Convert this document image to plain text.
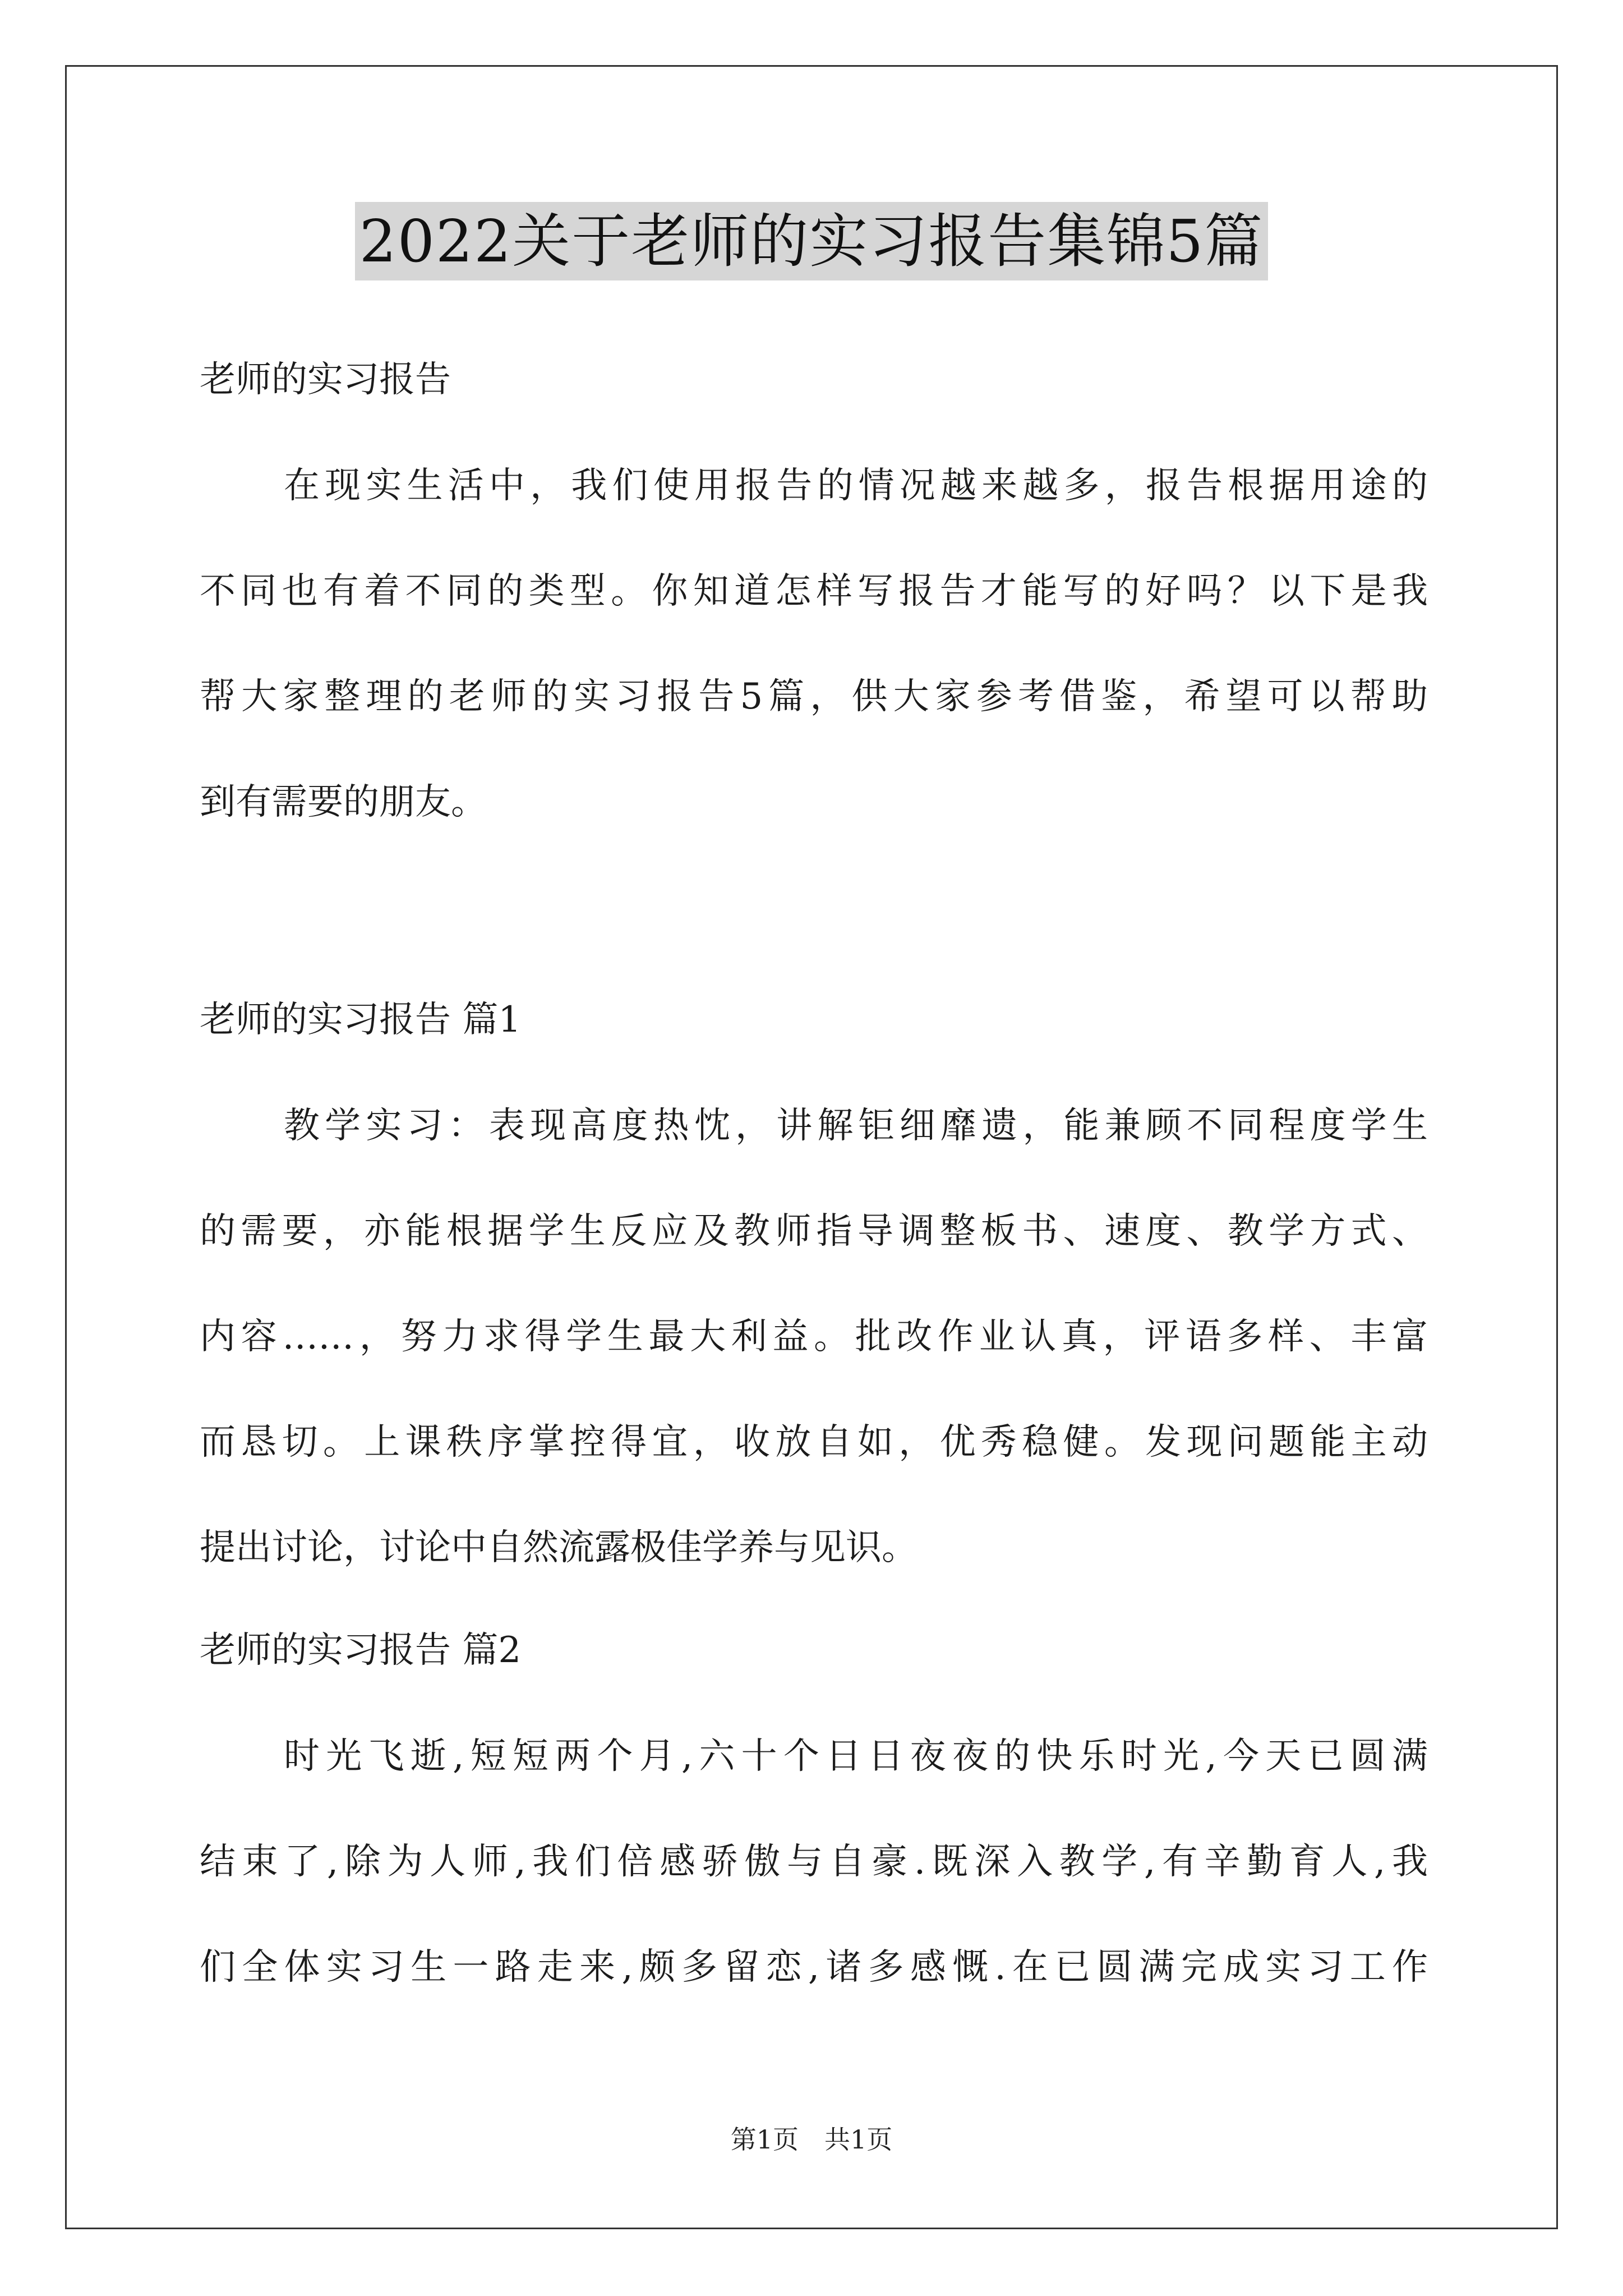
2022关于老师的实习报告集锦5篇
老师的实习报告
在现实生活中，我们使用报告的情况越来越多，报告根据用途的
不同也有着不同的类型。你知道怎样写报告才能写的好吗？以下是我
帮大家整理的老师的实习报告5篇，供大家参考借鉴，希望可以帮助
到有需要的朋友。
老师的实习报告 篇1
教学实习：表现高度热忱，讲解钜细靡遗，能兼顾不同程度学生
的需要，亦能根据学生反应及教师指导调整板书、速度、教学方式、
内容……，努力求得学生最大利益。批改作业认真，评语多样、丰富
而恳切。上课秩序掌控得宜，收放自如，优秀稳健。发现问题能主动
提出讨论，讨论中自然流露极佳学养与见识。
老师的实习报告 篇2
时光飞逝,短短两个月,六十个日日夜夜的快乐时光,今天已圆满
结束了,除为人师,我们倍感骄傲与自豪.既深入教学,有辛勤育人,我
们全体实习生一路走来,颇多留恋,诸多感慨.在已圆满完成实习工作
第1页　共1页
